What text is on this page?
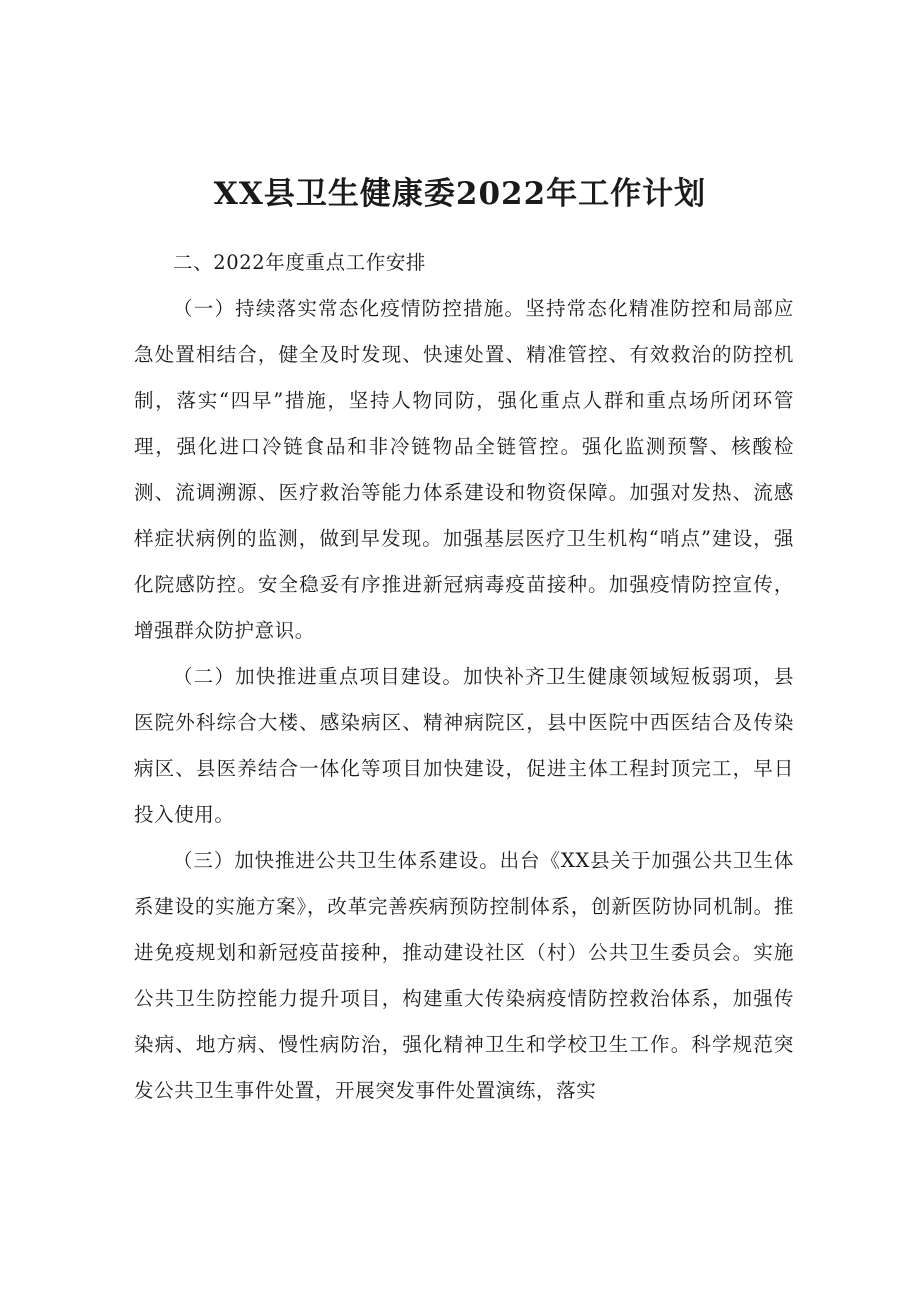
XX县卫生健康委2022年工作计划

二、2022年度重点工作安排

（一）持续落实常态化疫情防控措施。坚持常态化精准防控和局部应急处置相结合，健全及时发现、快速处置、精准管控、有效救治的防控机制，落实“四早”措施，坚持人物同防，强化重点人群和重点场所闭环管理，强化进口冷链食品和非冷链物品全链管控。强化监测预警、核酸检测、流调溯源、医疗救治等能力体系建设和物资保障。加强对发热、流感样症状病例的监测，做到早发现。加强基层医疗卫生机构“哨点”建设，强化院感防控。安全稳妥有序推进新冠病毒疫苗接种。加强疫情防控宣传，增强群众防护意识。

（二）加快推进重点项目建设。加快补齐卫生健康领域短板弱项，县医院外科综合大楼、感染病区、精神病院区，县中医院中西医结合及传染病区、县医养结合一体化等项目加快建设，促进主体工程封顶完工，早日投入使用。

（三）加快推进公共卫生体系建设。出台《XX县关于加强公共卫生体系建设的实施方案》，改革完善疾病预防控制体系，创新医防协同机制。推进免疫规划和新冠疫苗接种，推动建设社区（村）公共卫生委员会。实施公共卫生防控能力提升项目，构建重大传染病疫情防控救治体系，加强传染病、地方病、慢性病防治，强化精神卫生和学校卫生工作。科学规范突发公共卫生事件处置，开展突发事件处置演练，落实
